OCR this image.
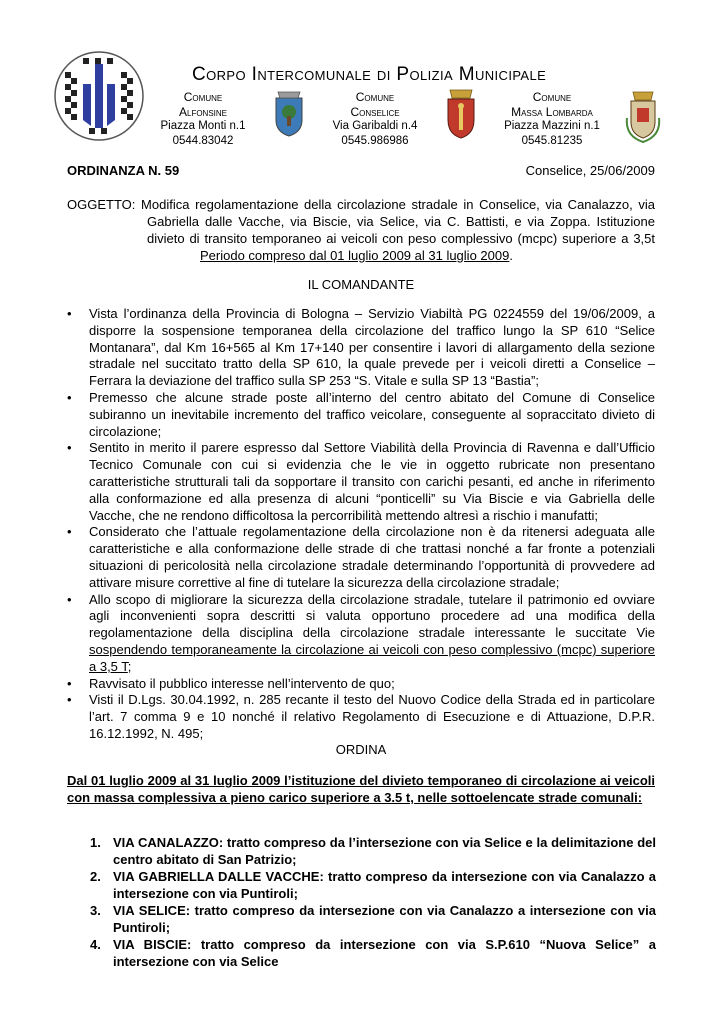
Corpo Intercomunale di Polizia Municipale
Comune
Alfonsine
Piazza Monti n.1
0544.83042
Comune
Conselice
Via Garibaldi n.4
0545.986986
Comune
Massa Lombarda
Piazza Mazzini n.1
0545.81235
ORDINANZA N. 59	Conselice, 25/06/2009
OGGETTO: Modifica regolamentazione della circolazione stradale in Conselice, via Canalazzo, via
Gabriella dalle Vacche, via Biscie, via Selice, via C. Battisti, e via Zoppa. Istituzione
divieto di transito temporaneo ai veicoli con peso complessivo (mcpc) superiore a 3,5t
Periodo compreso dal 01 luglio 2009 al 31 luglio 2009.
IL COMANDANTE
• Vista l’ordinanza della Provincia di Bologna – Servizio Viabiltà PG 0224559 del 19/06/2009, a disporre la sospensione temporanea della circolazione del traffico lungo la SP 610 “Selice Montanara”, dal Km 16+565 al Km 17+140 per consentire i lavori di allargamento della sezione stradale nel succitato tratto della SP 610, la quale prevede per i veicoli diretti a Conselice – Ferrara la deviazione del traffico sulla SP 253 “S. Vitale e sulla SP 13 “Bastia”;
• Premesso che alcune strade poste all’interno del centro abitato del Comune di Conselice subiranno un inevitabile incremento del traffico veicolare, conseguente al sopraccitato divieto di circolazione;
• Sentito in merito il parere espresso dal Settore Viabilità della Provincia di Ravenna e dall’Ufficio Tecnico Comunale con cui si evidenzia che le vie in oggetto rubricate non presentano caratteristiche strutturali tali da sopportare il transito con carichi pesanti, ed anche in riferimento alla conformazione ed alla presenza di alcuni “ponticelli” su Via Biscie e via Gabriella delle Vacche, che ne rendono difficoltosa la percorribilità mettendo altresì a rischio i manufatti;
• Considerato che l’attuale regolamentazione della circolazione non è da ritenersi adeguata alle caratteristiche e alla conformazione delle strade di che trattasi nonché a far fronte a potenziali situazioni di pericolosità nella circolazione stradale determinando l’opportunità di provvedere ad attivare misure correttive al fine di tutelare la sicurezza della circolazione stradale;
• Allo scopo di migliorare la sicurezza della circolazione stradale, tutelare il patrimonio ed ovviare agli inconvenienti sopra descritti si valuta opportuno procedere ad una modifica della regolamentazione della disciplina della circolazione stradale interessante le succitate Vie sospendendo temporaneamente la circolazione ai veicoli con peso complessivo (mcpc) superiore a 3,5 T;
• Ravvisato il pubblico interesse nell’intervento de quo;
• Visti il D.Lgs. 30.04.1992, n. 285 recante il testo del Nuovo Codice della Strada ed in particolare l’art. 7 comma 9 e 10 nonché il relativo Regolamento di Esecuzione e di Attuazione, D.P.R. 16.12.1992, N. 495;
ORDINA
Dal 01 luglio 2009 al 31 luglio 2009 l’istituzione del divieto temporaneo di circolazione ai veicoli con massa complessiva a pieno carico superiore a 3.5 t, nelle sottoelencate strade comunali:
1. VIA CANALAZZO: tratto compreso da l’intersezione con via Selice e la delimitazione del centro abitato di San Patrizio;
2. VIA GABRIELLA DALLE VACCHE: tratto compreso da intersezione con via Canalazzo a intersezione con via Puntiroli;
3. VIA SELICE: tratto compreso da intersezione con via Canalazzo a intersezione con via Puntiroli;
4. VIA BISCIE: tratto compreso da intersezione con via S.P.610 “Nuova Selice” a intersezione con via Selice
